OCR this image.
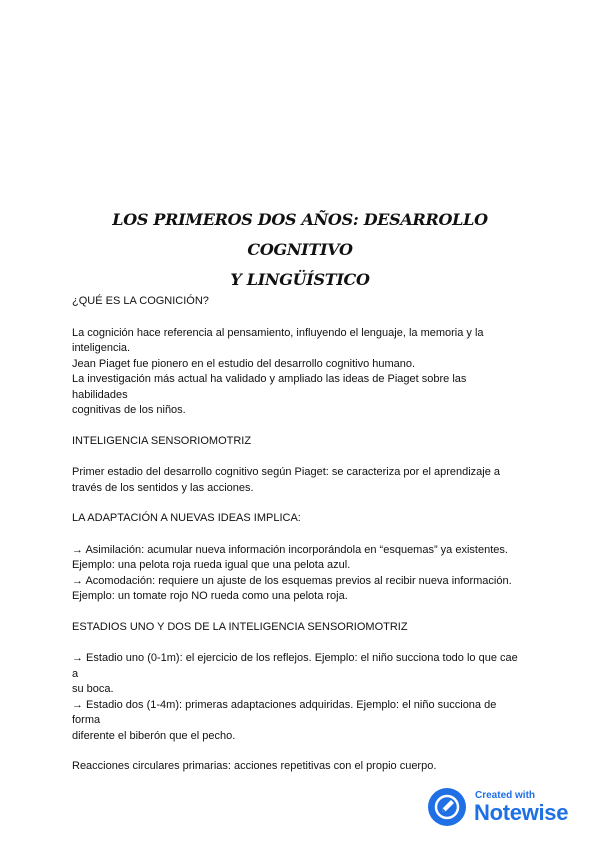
LOS PRIMEROS DOS AÑOS: DESARROLLO COGNITIVO
Y LINGÜÍSTICO

¿QUÉ ES LA COGNICIÓN?

La cognición hace referencia al pensamiento, influyendo el lenguaje, la memoria y la

inteligencia.

Jean Piaget fue pionero en el estudio del desarrollo cognitivo humano.

La investigación más actual ha validado y ampliado las ideas de Piaget sobre las

habilidades

cognitivas de los niños.

INTELIGENCIA SENSORIOMOTRIZ

Primer estadio del desarrollo cognitivo según Piaget: se caracteriza por el aprendizaje a

través de los sentidos y las acciones.

LA ADAPTACIÓN A NUEVAS IDEAS IMPLICA:

→ Asimilación: acumular nueva información incorporándola en “esquemas” ya existentes.

Ejemplo: una pelota roja rueda igual que una pelota azul.

→ Acomodación: requiere un ajuste de los esquemas previos al recibir nueva información.

Ejemplo: un tomate rojo NO rueda como una pelota roja.

ESTADIOS UNO Y DOS DE LA INTELIGENCIA SENSORIOMOTRIZ

→ Estadio uno (0-1m): el ejercicio de los reflejos. Ejemplo: el niño succiona todo lo que cae

a

su boca.

→ Estadio dos (1-4m): primeras adaptaciones adquiridas. Ejemplo: el niño succiona de

forma

diferente el biberón que el pecho.

Reacciones circulares primarias: acciones repetitivas con el propio cuerpo.

Created with
Notewise
